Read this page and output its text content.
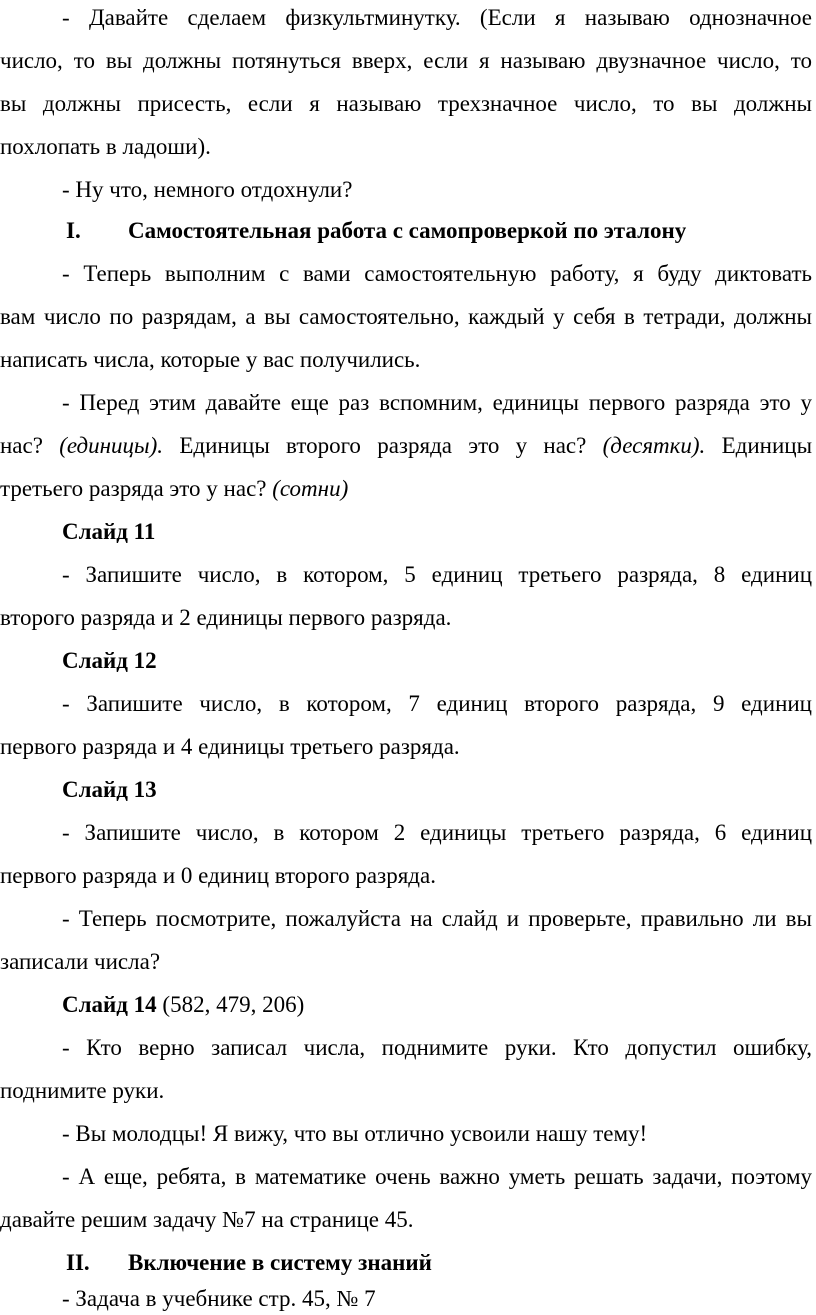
- Давайте сделаем физкультминутку. (Если я называю однозначное
число, то вы должны потянуться вверх, если я называю двузначное число, то
вы должны присесть, если я называю трехзначное число, то вы должны
похлопать в ладоши).
- Ну что, немного отдохнули?
I. Самостоятельная работа с самопроверкой по эталону
- Теперь выполним с вами самостоятельную работу, я буду диктовать
вам число по разрядам, а вы самостоятельно, каждый у себя в тетради, должны
написать числа, которые у вас получились.
- Перед этим давайте еще раз вспомним, единицы первого разряда это у
нас? (единицы). Единицы второго разряда это у нас? (десятки). Единицы
третьего разряда это у нас? (сотни)
Слайд 11
- Запишите число, в котором, 5 единиц третьего разряда, 8 единиц
второго разряда и 2 единицы первого разряда.
Слайд 12
- Запишите число, в котором, 7 единиц второго разряда, 9 единиц
первого разряда и 4 единицы третьего разряда.
Слайд 13
- Запишите число, в котором 2 единицы третьего разряда, 6 единиц
первого разряда и 0 единиц второго разряда.
- Теперь посмотрите, пожалуйста на слайд и проверьте, правильно ли вы
записали числа?
Слайд 14 (582, 479, 206)
- Кто верно записал числа, поднимите руки. Кто допустил ошибку,
поднимите руки.
- Вы молодцы! Я вижу, что вы отлично усвоили нашу тему!
- А еще, ребята, в математике очень важно уметь решать задачи, поэтому
давайте решим задачу №7 на странице 45.
II. Включение в систему знаний
- Задача в учебнике стр. 45, № 7
